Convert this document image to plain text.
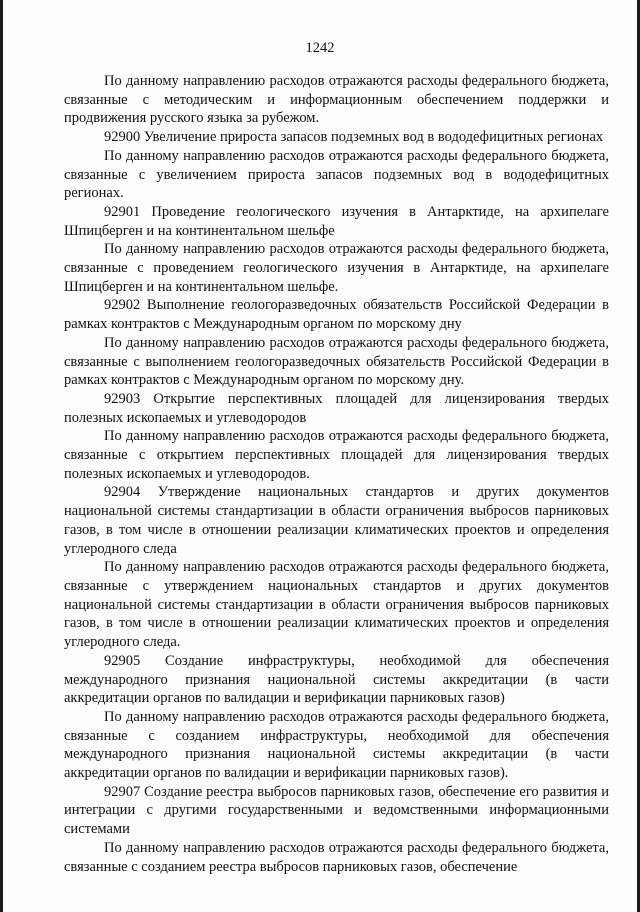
1242

По данному направлению расходов отражаются расходы федерального бюджета, связанные с методическим и информационным обеспечением поддержки и продвижения русского языка за рубежом.

92900 Увеличение прироста запасов подземных вод в вододефицитных регионах

По данному направлению расходов отражаются расходы федерального бюджета, связанные с увеличением прироста запасов подземных вод в вододефицитных регионах.

92901 Проведение геологического изучения в Антарктиде, на архипелаге Шпицберген и на континентальном шельфе

По данному направлению расходов отражаются расходы федерального бюджета, связанные с проведением геологического изучения в Антарктиде, на архипелаге Шпицберген и на континентальном шельфе.

92902 Выполнение геологоразведочных обязательств Российской Федерации в рамках контрактов с Международным органом по морскому дну

По данному направлению расходов отражаются расходы федерального бюджета, связанные с выполнением геологоразведочных обязательств Российской Федерации в рамках контрактов с Международным органом по морскому дну.

92903 Открытие перспективных площадей для лицензирования твердых полезных ископаемых и углеводородов

По данному направлению расходов отражаются расходы федерального бюджета, связанные с открытием перспективных площадей для лицензирования твердых полезных ископаемых и углеводородов.

92904 Утверждение национальных стандартов и других документов национальной системы стандартизации в области ограничения выбросов парниковых газов, в том числе в отношении реализации климатических проектов и определения углеродного следа

По данному направлению расходов отражаются расходы федерального бюджета, связанные с утверждением национальных стандартов и других документов национальной системы стандартизации в области ограничения выбросов парниковых газов, в том числе в отношении реализации климатических проектов и определения углеродного следа.

92905 Создание инфраструктуры, необходимой для обеспечения международного признания национальной системы аккредитации (в части аккредитации органов по валидации и верификации парниковых газов)

По данному направлению расходов отражаются расходы федерального бюджета, связанные с созданием инфраструктуры, необходимой для обеспечения международного признания национальной системы аккредитации (в части аккредитации органов по валидации и верификации парниковых газов).

92907 Создание реестра выбросов парниковых газов, обеспечение его развития и интеграции с другими государственными и ведомственными информационными системами

По данному направлению расходов отражаются расходы федерального бюджета, связанные с созданием реестра выбросов парниковых газов, обеспечение
